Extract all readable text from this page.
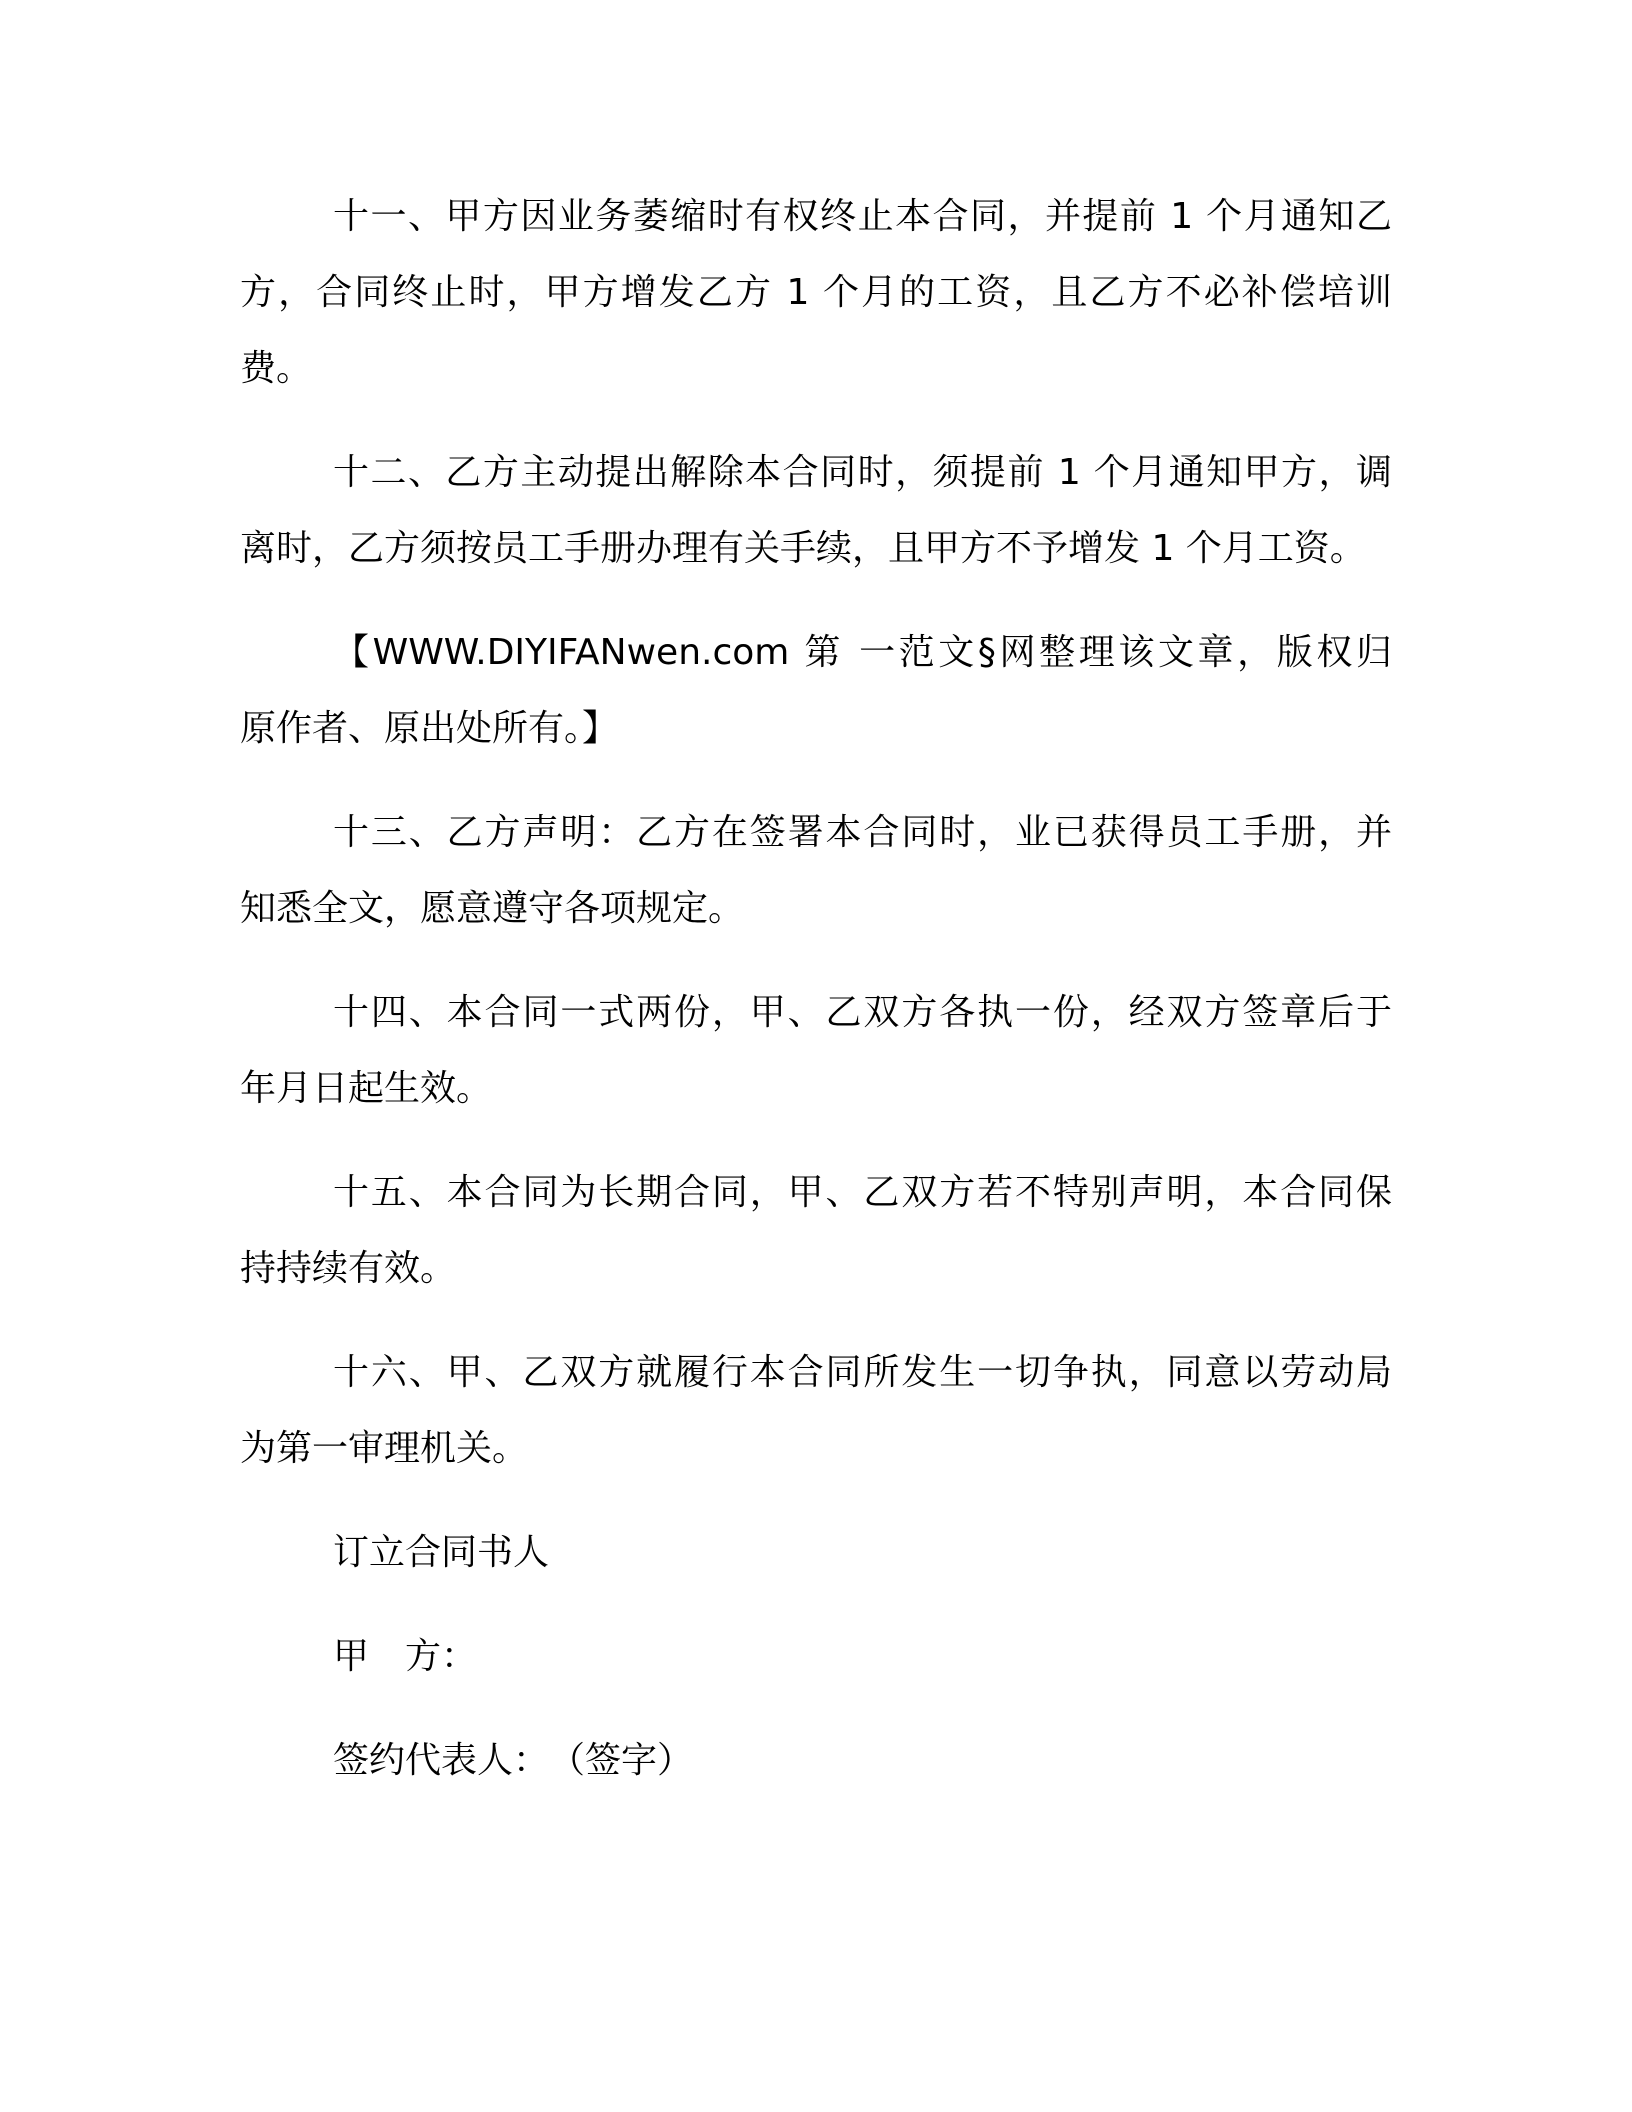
十一、甲方因业务萎缩时有权终止本合同，并提前 1 个月通知乙
方，合同终止时，甲方增发乙方 1 个月的工资，且乙方不必补偿培训
费。
十二、乙方主动提出解除本合同时，须提前 1 个月通知甲方，调
离时，乙方须按员工手册办理有关手续，且甲方不予增发 1 个月工资。
【WWW.DIYIFANwen.com 第 一范文§网整理该文章，版权归
原作者、原出处所有。】
十三、乙方声明：乙方在签署本合同时，业已获得员工手册，并
知悉全文，愿意遵守各项规定。
十四、本合同一式两份，甲、乙双方各执一份，经双方签章后于
年月日起生效。
十五、本合同为长期合同，甲、乙双方若不特别声明，本合同保
持持续有效。
十六、甲、乙双方就履行本合同所发生一切争执，同意以劳动局
为第一审理机关。
订立合同书人
甲　方：
签约代表人：　（签字）
